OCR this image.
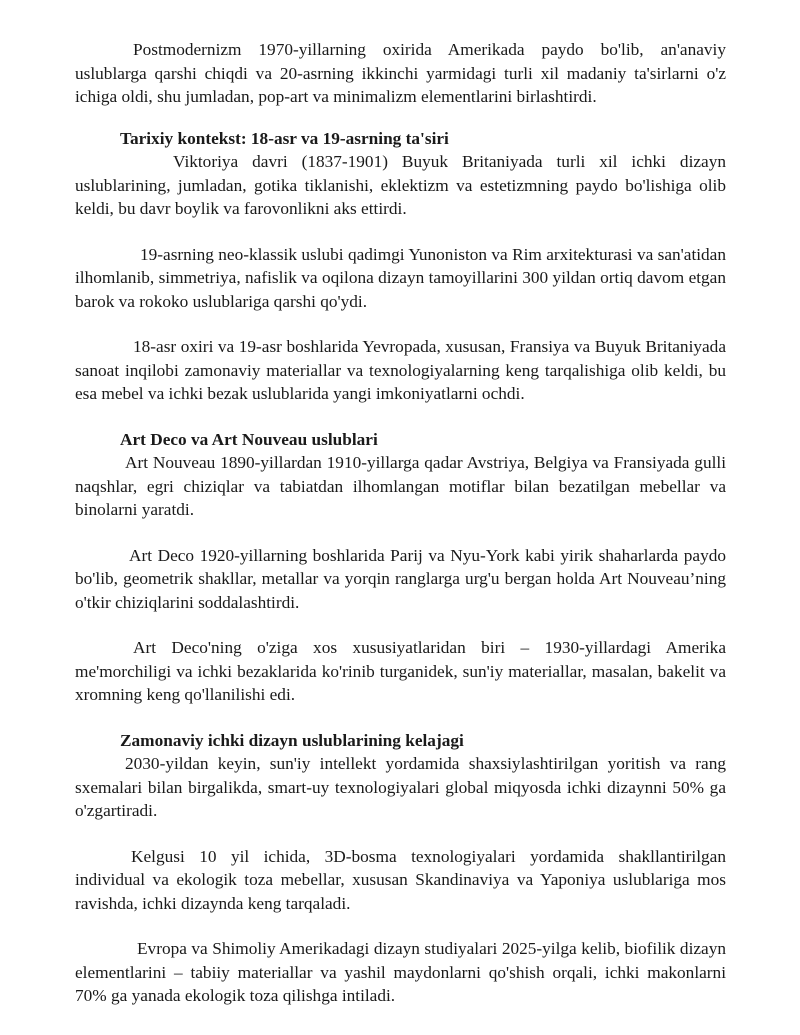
Postmodernizm 1970-yillarning oxirida Amerikada paydo bo'lib, an'anaviy uslublarga qarshi chiqdi va 20-asrning ikkinchi yarmidagi turli xil madaniy ta'sirlarni o'z ichiga oldi, shu jumladan, pop-art va minimalizm elementlarini birlashtirdi.

Tarixiy kontekst: 18-asr va 19-asrning ta'siri

Viktoriya davri (1837-1901) Buyuk Britaniyada turli xil ichki dizayn uslublarining, jumladan, gotika tiklanishi, eklektizm va estetizmning paydo bo'lishiga olib keldi, bu davr boylik va farovonlikni aks ettirdi.

19-asrning neo-klassik uslubi qadimgi Yunoniston va Rim arxitekturasi va san'atidan ilhomlanib, simmetriya, nafislik va oqilona dizayn tamoyillarini 300 yildan ortiq davom etgan barok va rokoko uslublariga qarshi qo'ydi.

18-asr oxiri va 19-asr boshlarida Yevropada, xususan, Fransiya va Buyuk Britaniyada sanoat inqilobi zamonaviy materiallar va texnologiyalarning keng tarqalishiga olib keldi, bu esa mebel va ichki bezak uslublarida yangi imkoniyatlarni ochdi.

Art Deco va Art Nouveau uslublari

Art Nouveau 1890-yillardan 1910-yillarga qadar Avstriya, Belgiya va Fransiyada gulli naqshlar, egri chiziqlar va tabiatdan ilhomlangan motiflar bilan bezatilgan mebellar va binolarni yaratdi.

Art Deco 1920-yillarning boshlarida Parij va Nyu-York kabi yirik shaharlarda paydo bo'lib, geometrik shakllar, metallar va yorqin ranglarga urg'u bergan holda Art Nouveau’ning o'tkir chiziqlarini soddalashtirdi.

Art Deco'ning o'ziga xos xususiyatlaridan biri – 1930-yillardagi Amerika me'morchiligi va ichki bezaklarida ko'rinib turganidek, sun'iy materiallar, masalan, bakelit va xromning keng qo'llanilishi edi.

Zamonaviy ichki dizayn uslublarining kelajagi

2030-yildan keyin, sun'iy intellekt yordamida shaxsiylashtirilgan yoritish va rang sxemalari bilan birgalikda, smart-uy texnologiyalari global miqyosda ichki dizaynni 50% ga o'zgartiradi.

Kelgusi 10 yil ichida, 3D-bosma texnologiyalari yordamida shakllantirilgan individual va ekologik toza mebellar, xususan Skandinaviya va Yaponiya uslublariga mos ravishda, ichki dizaynda keng tarqaladi.

Evropa va Shimoliy Amerikadagi dizayn studiyalari 2025-yilga kelib, biofilik dizayn elementlarini – tabiiy materiallar va yashil maydonlarni qo'shish orqali, ichki makonlarni 70% ga yanada ekologik toza qilishga intiladi.
